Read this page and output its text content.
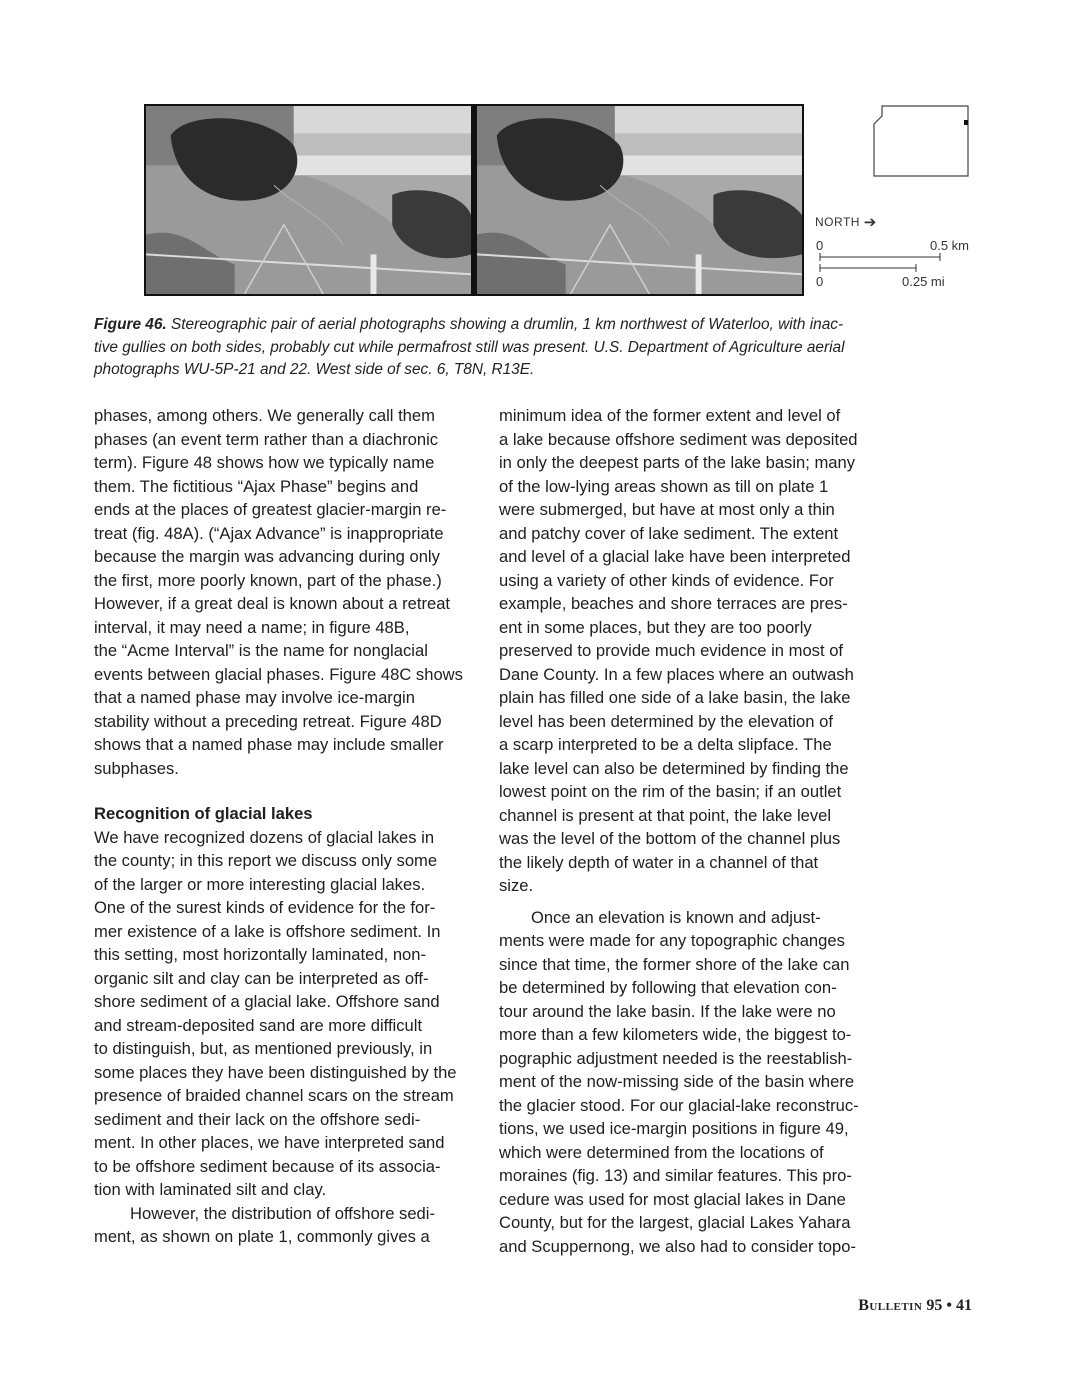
NORTH ➔
0	0.5 km
0	0.25 mi
Figure 46. Stereographic pair of aerial photographs showing a drumlin, 1 km northwest of Waterloo, with inac-
tive gullies on both sides, probably cut while permafrost still was present. U.S. Department of Agriculture aerial
photographs WU-5P-21 and 22. West side of sec. 6, T8N, R13E.
phases, among others. We generally call them
phases (an event term rather than a diachronic
term). Figure 48 shows how we typically name
them. The fictitious “Ajax Phase” begins and
ends at the places of greatest glacier-margin re-
treat (fig. 48A). (“Ajax Advance” is inappropriate
because the margin was advancing during only
the first, more poorly known, part of the phase.)
However, if a great deal is known about a retreat
interval, it may need a name; in figure 48B,
the “Acme Interval” is the name for nonglacial
events between glacial phases. Figure 48C shows
that a named phase may involve ice-margin
stability without a preceding retreat. Figure 48D
shows that a named phase may include smaller
subphases.
Recognition of glacial lakes
We have recognized dozens of glacial lakes in
the county; in this report we discuss only some
of the larger or more interesting glacial lakes.
One of the surest kinds of evidence for the for-
mer existence of a lake is offshore sediment. In
this setting, most horizontally laminated, non-
organic silt and clay can be interpreted as off-
shore sediment of a glacial lake. Offshore sand
and stream-deposited sand are more difficult
to distinguish, but, as mentioned previously, in
some places they have been distinguished by the
presence of braided channel scars on the stream
sediment and their lack on the offshore sedi-
ment. In other places, we have interpreted sand
to be offshore sediment because of its associa-
tion with laminated silt and clay.
However, the distribution of offshore sedi-
ment, as shown on plate 1, commonly gives a
minimum idea of the former extent and level of
a lake because offshore sediment was deposited
in only the deepest parts of the lake basin; many
of the low-lying areas shown as till on plate 1
were submerged, but have at most only a thin
and patchy cover of lake sediment. The extent
and level of a glacial lake have been interpreted
using a variety of other kinds of evidence. For
example, beaches and shore terraces are pres-
ent in some places, but they are too poorly
preserved to provide much evidence in most of
Dane County. In a few places where an outwash
plain has filled one side of a lake basin, the lake
level has been determined by the elevation of
a scarp interpreted to be a delta slipface. The
lake level can also be determined by finding the
lowest point on the rim of the basin; if an outlet
channel is present at that point, the lake level
was the level of the bottom of the channel plus
the likely depth of water in a channel of that
size.
Once an elevation is known and adjust-
ments were made for any topographic changes
since that time, the former shore of the lake can
be determined by following that elevation con-
tour around the lake basin. If the lake were no
more than a few kilometers wide, the biggest to-
pographic adjustment needed is the reestablish-
ment of the now-missing side of the basin where
the glacier stood. For our glacial-lake reconstruc-
tions, we used ice-margin positions in figure 49,
which were determined from the locations of
moraines (fig. 13) and similar features. This pro-
cedure was used for most glacial lakes in Dane
County, but for the largest, glacial Lakes Yahara
and Scuppernong, we also had to consider topo-
Bulletin 95 • 41
